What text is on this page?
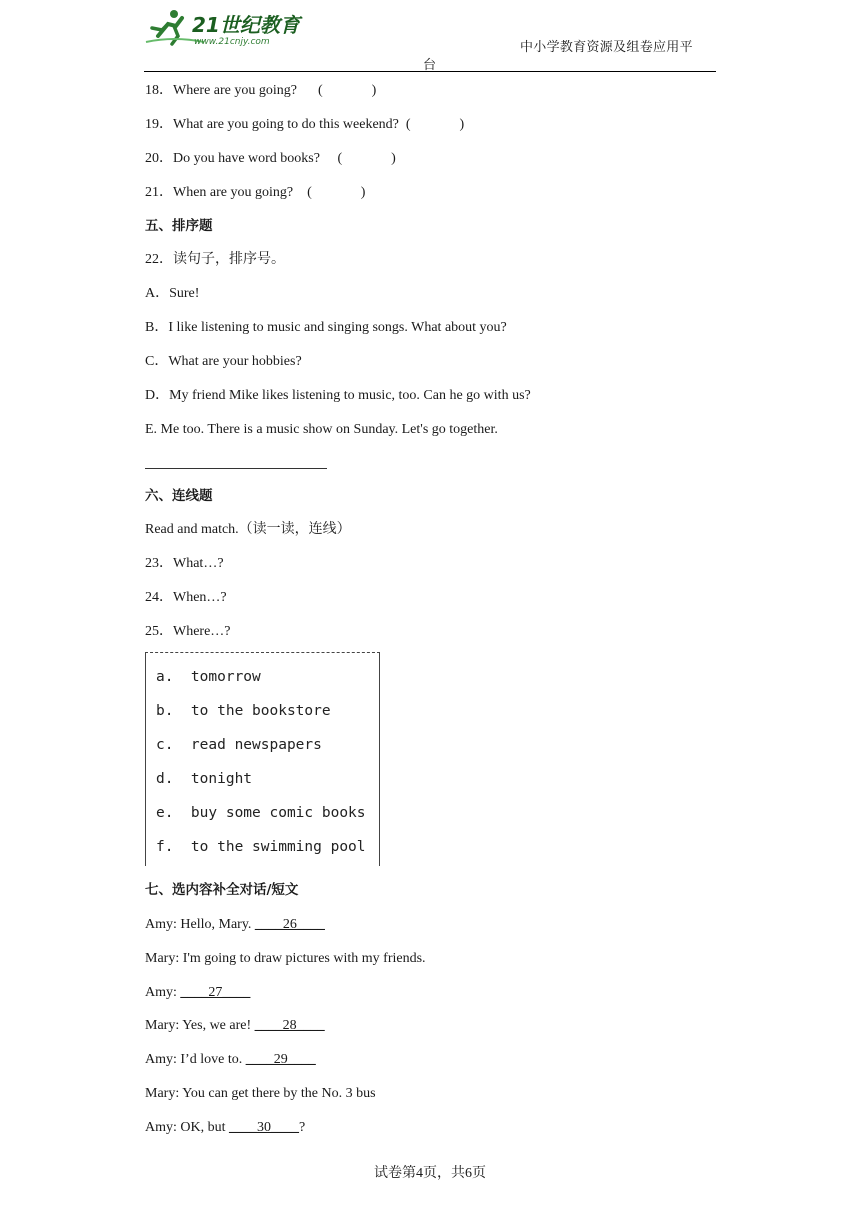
21世纪教育
www.21cnjy.com	中小学教育资源及组卷应用平
台
18．Where are you going?      (              )
19．What are you going to do this weekend?  (              )
20．Do you have word books?     (              )
21．When are you going?    (              )
五、排序题
22．读句子，排序号。
A．Sure!
B．I like listening to music and singing songs. What about you?
C．What are your hobbies?
D．My friend Mike likes listening to music, too. Can he go with us?
E. Me too. There is a music show on Sunday. Let's go together.
六、连线题
Read and match.（读一读，连线）
23．What…?
24．When…?
25．Where…?
a.  tomorrow
b.  to the bookstore
c.  read newspapers
d.  tonight
e.  buy some comic books
f.  to the swimming pool
七、选内容补全对话/短文
Amy: Hello, Mary. ____26____
Mary: I'm going to draw pictures with my friends.
Amy: ____27____
Mary: Yes, we are! ____28____
Amy: I’d love to. ____29____
Mary: You can get there by the No. 3 bus
Amy: OK, but ____30____?
试卷第4页，共6页
